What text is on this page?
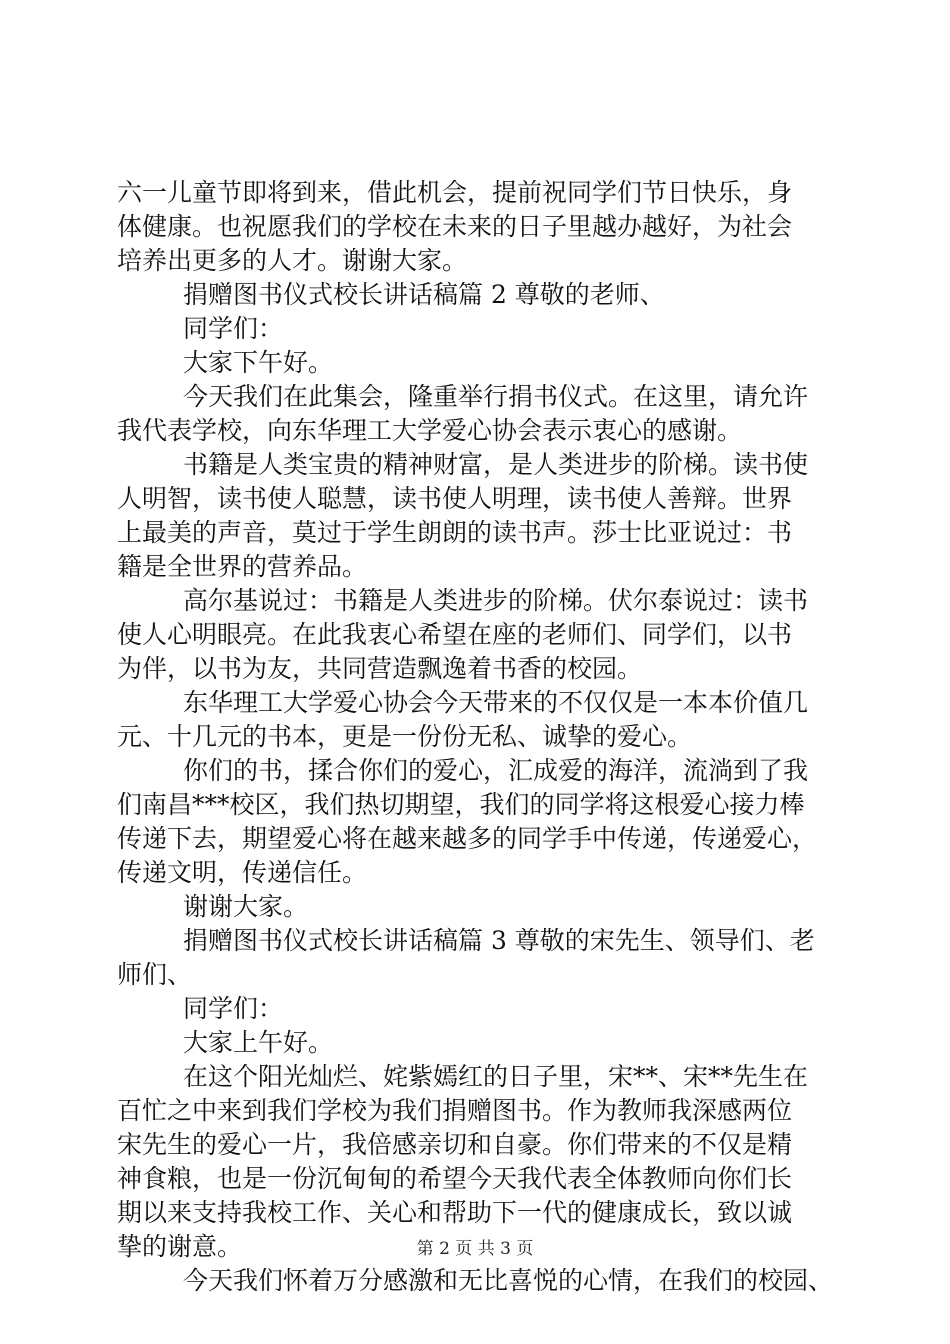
六一儿童节即将到来，借此机会，提前祝同学们节日快乐，身
体健康。也祝愿我们的学校在未来的日子里越办越好，为社会
培养出更多的人才。谢谢大家。
捐赠图书仪式校长讲话稿篇 2 尊敬的老师、
同学们：
大家下午好。
今天我们在此集会，隆重举行捐书仪式。在这里，请允许
我代表学校，向东华理工大学爱心协会表示衷心的感谢。
书籍是人类宝贵的精神财富，是人类进步的阶梯。读书使
人明智，读书使人聪慧，读书使人明理，读书使人善辩。世界
上最美的声音，莫过于学生朗朗的读书声。莎士比亚说过：书
籍是全世界的营养品。
高尔基说过：书籍是人类进步的阶梯。伏尔泰说过：读书
使人心明眼亮。在此我衷心希望在座的老师们、同学们，以书
为伴，以书为友，共同营造飘逸着书香的校园。
东华理工大学爱心协会今天带来的不仅仅是一本本价值几
元、十几元的书本，更是一份份无私、诚挚的爱心。
你们的书，揉合你们的爱心，汇成爱的海洋，流淌到了我
们南昌***校区，我们热切期望，我们的同学将这根爱心接力棒
传递下去，期望爱心将在越来越多的同学手中传递，传递爱心，
传递文明，传递信任。
谢谢大家。
捐赠图书仪式校长讲话稿篇 3 尊敬的宋先生、领导们、老
师们、
同学们：
大家上午好。
在这个阳光灿烂、姹紫嫣红的日子里，宋**、宋**先生在
百忙之中来到我们学校为我们捐赠图书。作为教师我深感两位
宋先生的爱心一片，我倍感亲切和自豪。你们带来的不仅是精
神食粮，也是一份沉甸甸的希望今天我代表全体教师向你们长
期以来支持我校工作、关心和帮助下一代的健康成长，致以诚
挚的谢意。
今天我们怀着万分感激和无比喜悦的心情，在我们的校园、
第 2 页 共 3 页
